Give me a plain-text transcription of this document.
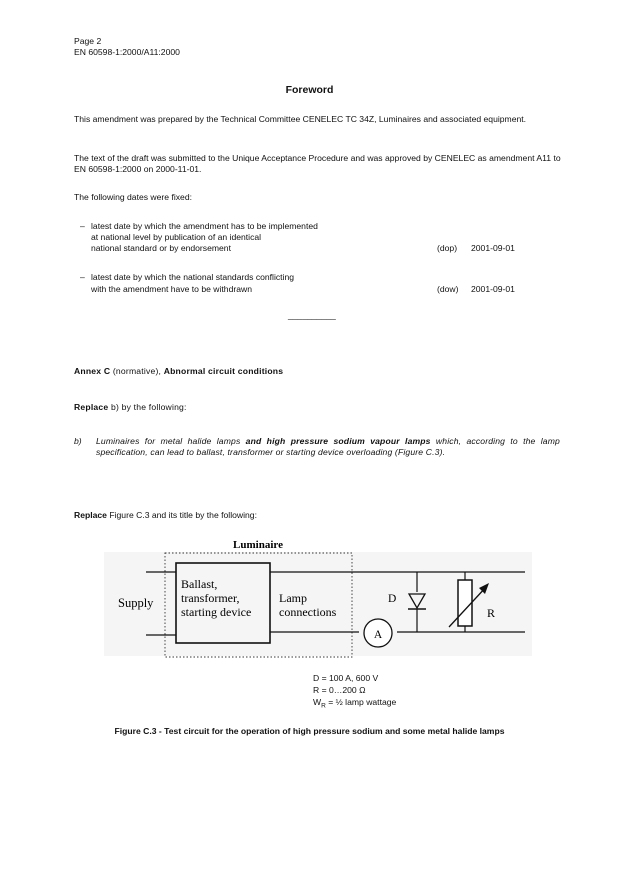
Page 2
EN 60598-1:2000/A11:2000
Foreword
This amendment was prepared by the Technical Committee CENELEC TC 34Z, Luminaires and associated equipment.
The text of the draft was submitted to the Unique Acceptance Procedure and was approved by CENELEC as amendment A11 to EN 60598-1:2000 on 2000-11-01.
The following dates were fixed:
– latest date by which the amendment has to be implemented
at national level by publication of an identical
national standard or by endorsement	(dop) 2001-09-01
– latest date by which the national standards conflicting
with the amendment have to be withdrawn	(dow) 2001-09-01
__________
Annex C (normative), Abnormal circuit conditions
Replace b) by the following:
b) Luminaires for metal halide lamps and high pressure sodium vapour lamps which, according to the lamp specification, can lead to ballast, transformer or starting device overloading (Figure C.3).
Replace Figure C.3 and its title by the following:
Luminaire
Supply
Ballast,
transformer,
starting device
Lamp
connections
A
D
R
D = 100 A, 600 V
R = 0…200 Ω
$W_R$ = ½ lamp wattage
Figure C.3 - Test circuit for the operation of high pressure sodium and some metal halide lamps
